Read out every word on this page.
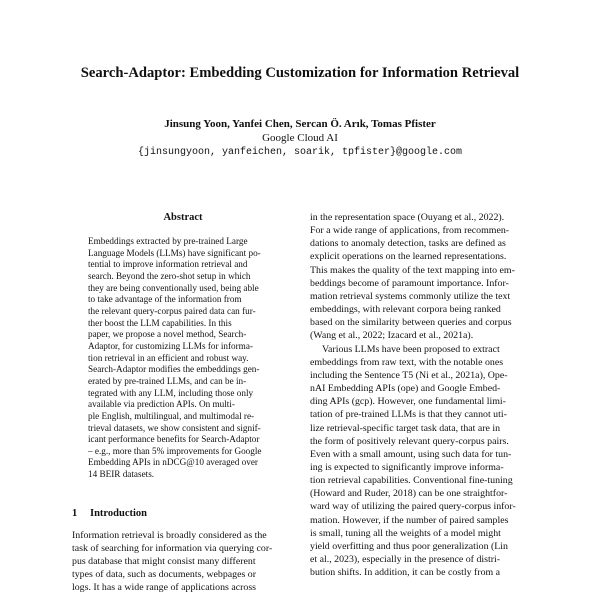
Search-Adaptor: Embedding Customization for Information Retrieval
Jinsung Yoon, Yanfei Chen, Sercan Ö. Arık, Tomas Pfister
Google Cloud AI
{jinsungyoon, yanfeichen, soarik, tpfister}@google.com
Abstract
Embeddings extracted by pre-trained Large
Language Models (LLMs) have significant po-
tential to improve information retrieval and
search. Beyond the zero-shot setup in which
they are being conventionally used, being able
to take advantage of the information from
the relevant query-corpus paired data can fur-
ther boost the LLM capabilities. In this
paper, we propose a novel method, Search-
Adaptor, for customizing LLMs for informa-
tion retrieval in an efficient and robust way.
Search-Adaptor modifies the embeddings gen-
erated by pre-trained LLMs, and can be in-
tegrated with any LLM, including those only
available via prediction APIs. On multi-
ple English, multilingual, and multimodal re-
trieval datasets, we show consistent and signif-
icant performance benefits for Search-Adaptor
– e.g., more than 5% improvements for Google
Embedding APIs in nDCG@10 averaged over
14 BEIR datasets.
1 Introduction
Information retrieval is broadly considered as the
task of searching for information via querying cor-
pus database that might consist many different
types of data, such as documents, webpages or
logs. It has a wide range of applications across
in the representation space (Ouyang et al., 2022).
For a wide range of applications, from recommen-
dations to anomaly detection, tasks are defined as
explicit operations on the learned representations.
This makes the quality of the text mapping into em-
beddings become of paramount importance. Infor-
mation retrieval systems commonly utilize the text
embeddings, with relevant corpora being ranked
based on the similarity between queries and corpus
(Wang et al., 2022; Izacard et al., 2021a).
Various LLMs have been proposed to extract
embeddings from raw text, with the notable ones
including the Sentence T5 (Ni et al., 2021a), Ope-
nAI Embedding APIs (ope) and Google Embed-
ding APIs (gcp). However, one fundamental limi-
tation of pre-trained LLMs is that they cannot uti-
lize retrieval-specific target task data, that are in
the form of positively relevant query-corpus pairs.
Even with a small amount, using such data for tun-
ing is expected to significantly improve informa-
tion retrieval capabilities. Conventional fine-tuning
(Howard and Ruder, 2018) can be one straightfor-
ward way of utilizing the paired query-corpus infor-
mation. However, if the number of paired samples
is small, tuning all the weights of a model might
yield overfitting and thus poor generalization (Lin
et al., 2023), especially in the presence of distri-
bution shifts. In addition, it can be costly from a
